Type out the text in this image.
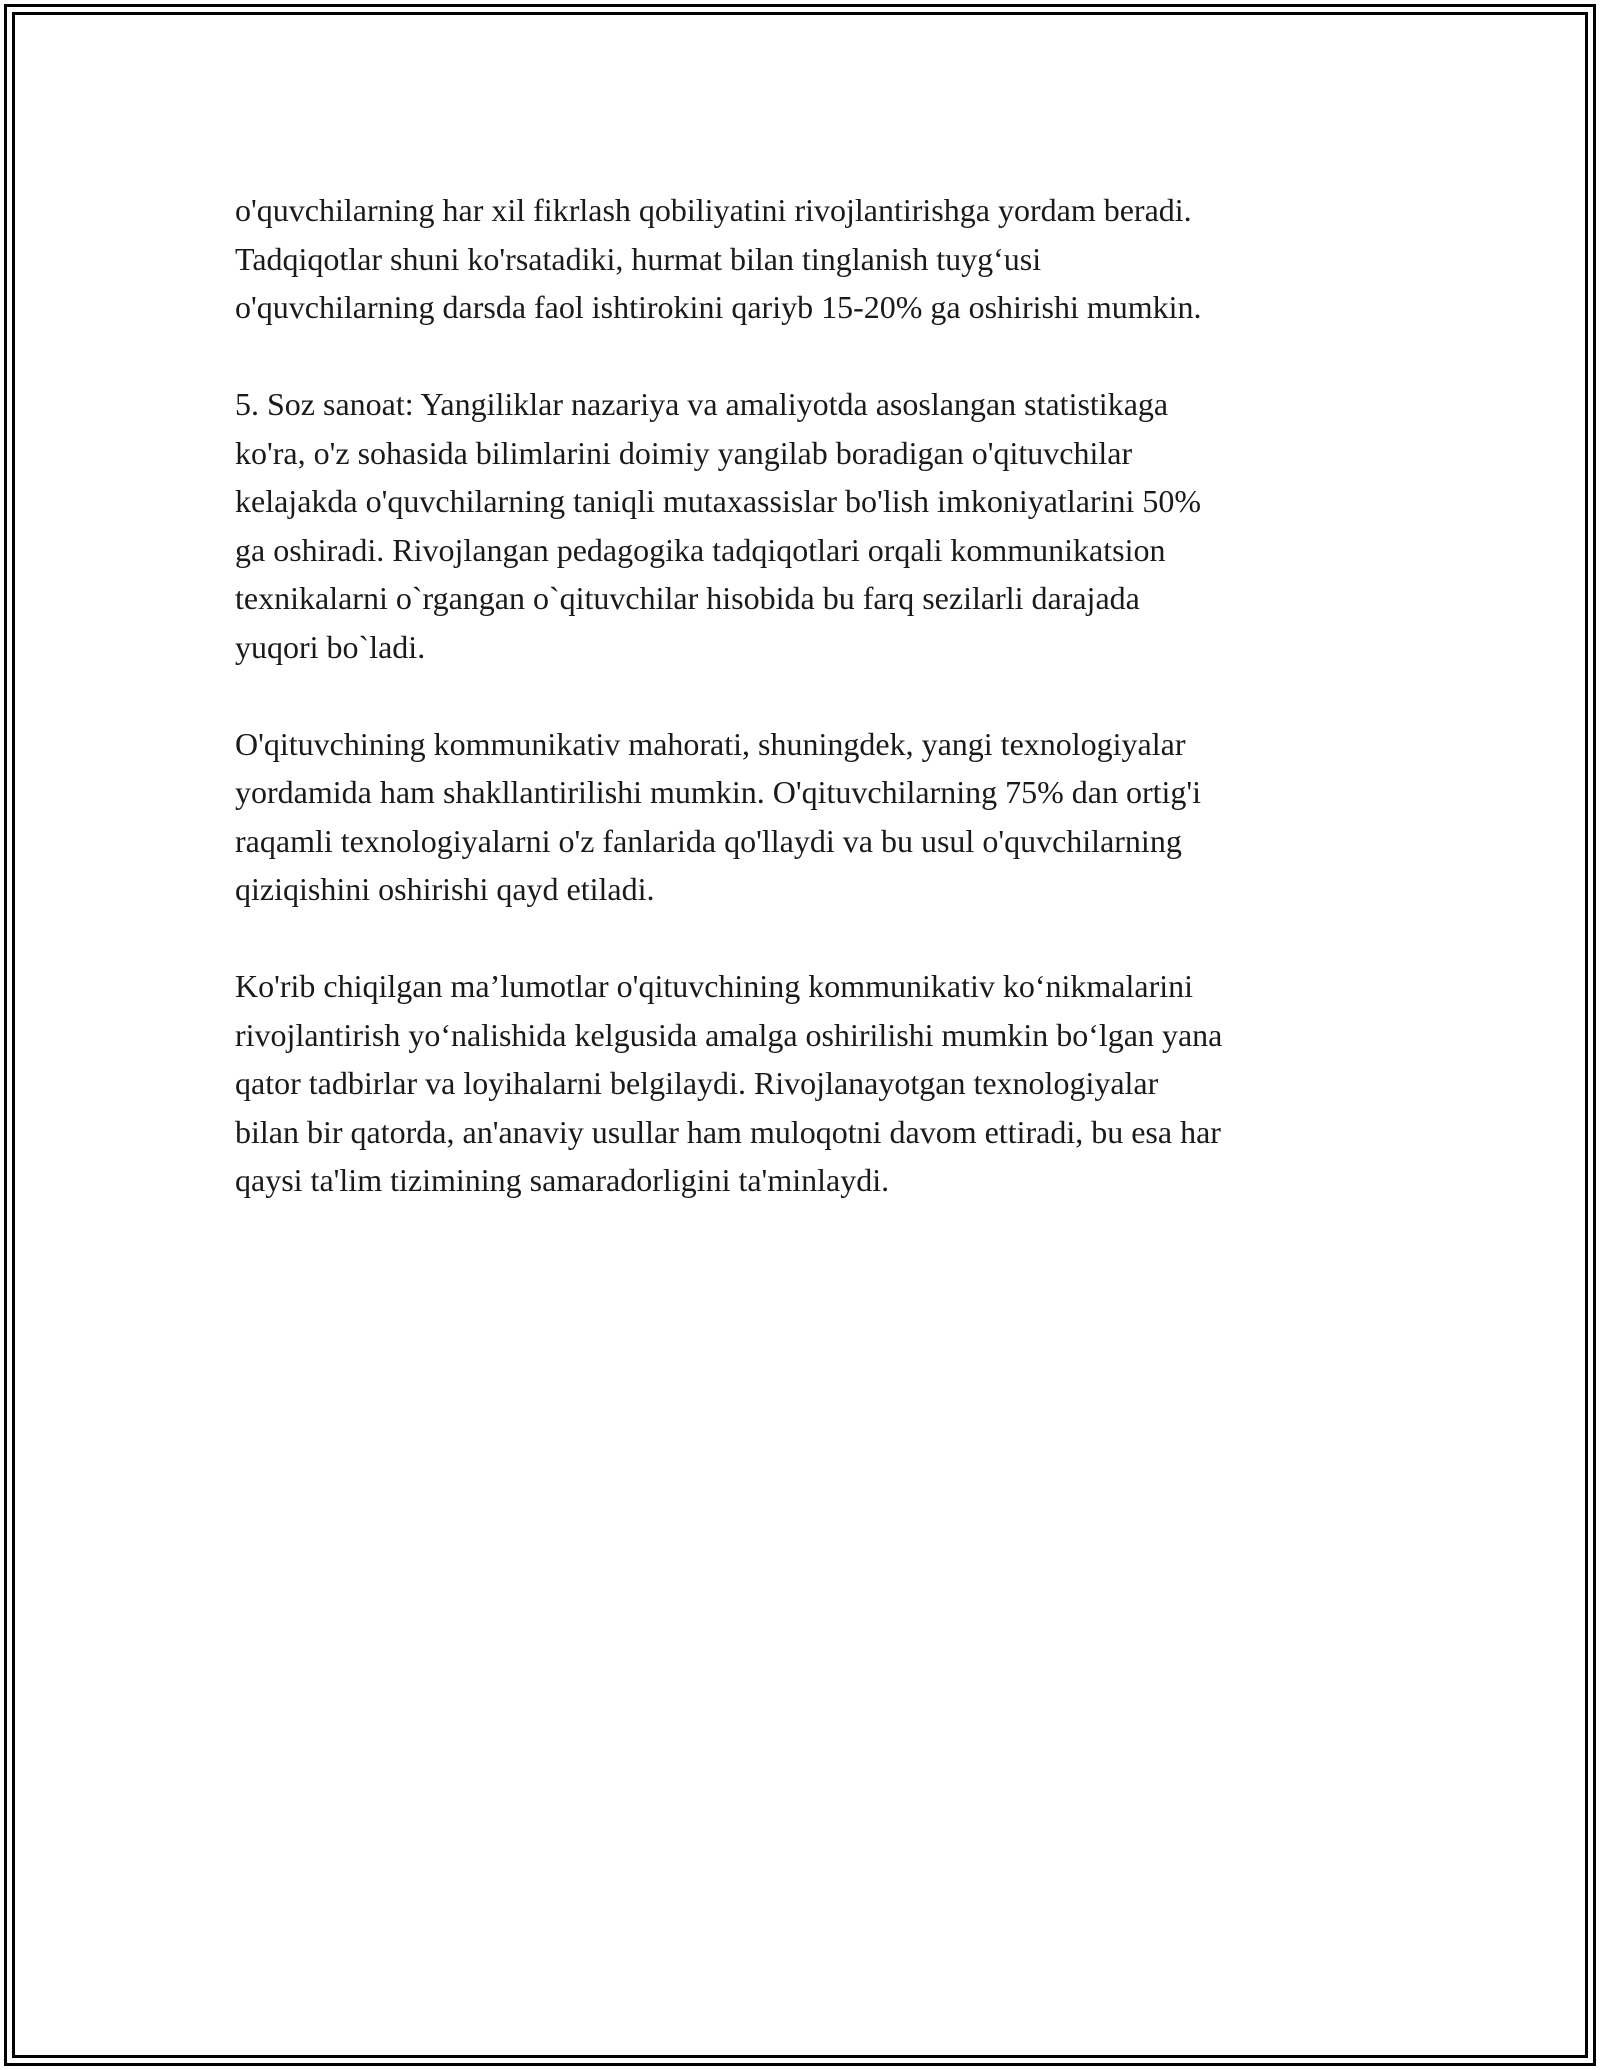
o'quvchilarning har xil fikrlash qobiliyatini rivojlantirishga yordam beradi.
Tadqiqotlar shuni ko'rsatadiki, hurmat bilan tinglanish tuyg‘usi
o'quvchilarning darsda faol ishtirokini qariyb 15-20% ga oshirishi mumkin.

5. Soz sanoat: Yangiliklar nazariya va amaliyotda asoslangan statistikaga
ko'ra, o'z sohasida bilimlarini doimiy yangilab boradigan o'qituvchilar
kelajakda o'quvchilarning taniqli mutaxassislar bo'lish imkoniyatlarini 50%
ga oshiradi. Rivojlangan pedagogika tadqiqotlari orqali kommunikatsion
texnikalarni o`rgangan o`qituvchilar hisobida bu farq sezilarli darajada
yuqori bo`ladi.

O'qituvchining kommunikativ mahorati, shuningdek, yangi texnologiyalar
yordamida ham shakllantirilishi mumkin. O'qituvchilarning 75% dan ortig'i
raqamli texnologiyalarni o'z fanlarida qo'llaydi va bu usul o'quvchilarning
qiziqishini oshirishi qayd etiladi.

Ko'rib chiqilgan ma’lumotlar o'qituvchining kommunikativ ko‘nikmalarini
rivojlantirish yo‘nalishida kelgusida amalga oshirilishi mumkin bo‘lgan yana
qator tadbirlar va loyihalarni belgilaydi. Rivojlanayotgan texnologiyalar
bilan bir qatorda, an'anaviy usullar ham muloqotni davom ettiradi, bu esa har
qaysi ta'lim tizimining samaradorligini ta'minlaydi.
